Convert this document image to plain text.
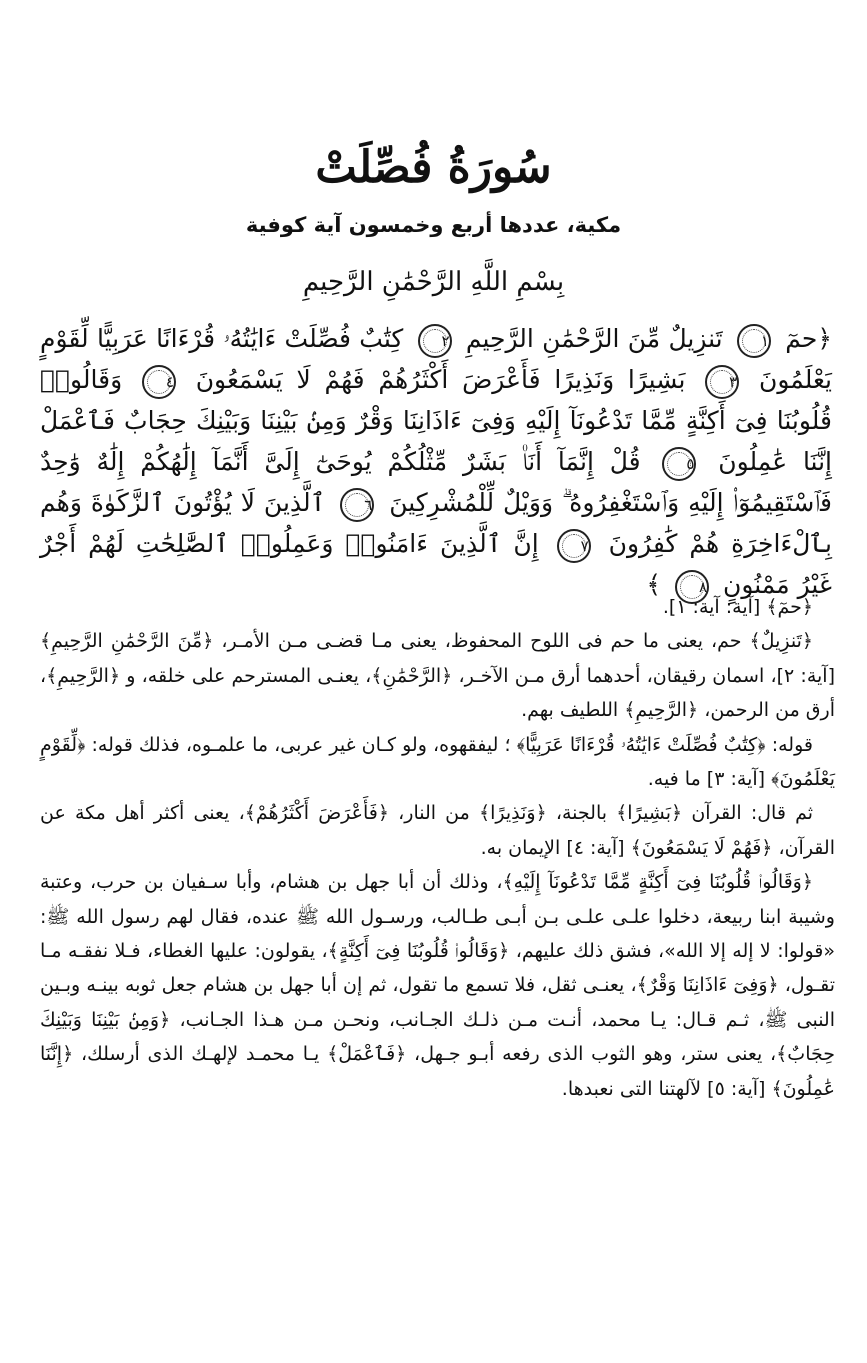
سُورَةُ فُصِّلَتْ
مكية، عددها أربع وخمسون آية كوفية
بِسْمِ اللَّهِ الرَّحْمَٰنِ الرَّحِيمِ
﴿حمٓ ١ تَنزِيلٌ مِّنَ الرَّحْمَٰنِ الرَّحِيمِ ٢ كِتَٰبٌ فُصِّلَتْ ءَايَٰتُهُۥ قُرْءَانًا عَرَبِيًّا لِّقَوْمٍ يَعْلَمُونَ ٣ بَشِيرًا وَنَذِيرًا فَأَعْرَضَ أَكْثَرُهُمْ فَهُمْ لَا يَسْمَعُونَ ٤ وَقَالُوا۟ قُلُوبُنَا فِىٓ أَكِنَّةٍ مِّمَّا تَدْعُونَآ إِلَيْهِ وَفِىٓ ءَاذَانِنَا وَقْرٌ وَمِنۢ بَيْنِنَا وَبَيْنِكَ حِجَابٌ فَٱعْمَلْ إِنَّنَا عَٰمِلُونَ ٥ قُلْ إِنَّمَآ أَنَا۠ بَشَرٌ مِّثْلُكُمْ يُوحَىٰٓ إِلَىَّ أَنَّمَآ إِلَٰهُكُمْ إِلَٰهٌ وَٰحِدٌ فَٱسْتَقِيمُوٓا۟ إِلَيْهِ وَٱسْتَغْفِرُوهُ ۗ وَوَيْلٌ لِّلْمُشْرِكِينَ ٦ ٱلَّذِينَ لَا يُؤْتُونَ ٱلزَّكَوٰةَ وَهُم بِٱلْءَاخِرَةِ هُمْ كَٰفِرُونَ ٧ إِنَّ ٱلَّذِينَ ءَامَنُوا۟ وَعَمِلُوا۟ ٱلصَّٰلِحَٰتِ لَهُمْ أَجْرٌ غَيْرُ مَمْنُونٍ ٨ ﴾

﴿حمٓ﴾ [آية: آية: ١].

﴿تَنزِيلٌ﴾ حم، يعنى ما حم فى اللوح المحفوظ، يعنى مـا قضـى مـن الأمـر، ﴿مِّنَ الرَّحْمَٰنِ الرَّحِيمِ﴾ [آية: ٢]، اسمان رقيقان، أحدهما أرق مـن الآخـر، ﴿الرَّحْمَٰنِ﴾، يعنـى المسترحم على خلقه، و ﴿الرَّحِيمِ﴾، أرق من الرحمن، ﴿الرَّحِيمِ﴾ اللطيف بهم.

قوله: ﴿كِتَٰبٌ فُصِّلَتْ ءَايَٰتُهُۥ قُرْءَانًا عَرَبِيًّا﴾ ؛ ليفقهوه، ولو كـان غير عربى، ما علمـوه، فذلك قوله: ﴿لِّقَوْمٍ يَعْلَمُونَ﴾ [آية: ٣] ما فيه.

ثم قال: القرآن ﴿بَشِيرًا﴾ بالجنة، ﴿وَنَذِيرًا﴾ من النار، ﴿فَأَعْرَضَ أَكْثَرُهُمْ﴾، يعنى أكثر أهل مكة عن القرآن، ﴿فَهُمْ لَا يَسْمَعُونَ﴾ [آية: ٤] الإيمان به.

﴿وَقَالُوا۟ قُلُوبُنَا فِىٓ أَكِنَّةٍ مِّمَّا تَدْعُونَآ إِلَيْهِ﴾، وذلك أن أبا جهل بن هشام، وأبا سـفيان بن حرب، وعتبة وشيبة ابنا ربيعة، دخلوا علـى علـى بـن أبـى طـالب، ورسـول الله ﷺ عنده، فقال لهم رسول الله ﷺ: «قولوا: لا إله إلا الله»، فشق ذلك عليهم، ﴿وَقَالُوا۟ قُلُوبُنَا فِىٓ أَكِنَّةٍ﴾، يقولون: عليها الغطاء، فـلا نفقـه مـا تقـول، ﴿وَفِىٓ ءَاذَانِنَا وَقْرٌ﴾، يعنـى ثقل، فلا تسمع ما تقول، ثم إن أبا جهل بن هشام جعل ثوبه بينـه وبـين النبى ﷺ، ثـم قـال: يـا محمد، أنـت مـن ذلـك الجـانب، ونحـن مـن هـذا الجـانب، ﴿وَمِنۢ بَيْنِنَا وَبَيْنِكَ حِجَابٌ﴾، يعنى ستر، وهو الثوب الذى رفعه أبـو جـهل، ﴿فَٱعْمَلْ﴾ يـا محمـد لإلهـك الذى أرسلك، ﴿إِنَّنَا عَٰمِلُونَ﴾ [آية: ٥] لآلهتنا التى نعبدها.
